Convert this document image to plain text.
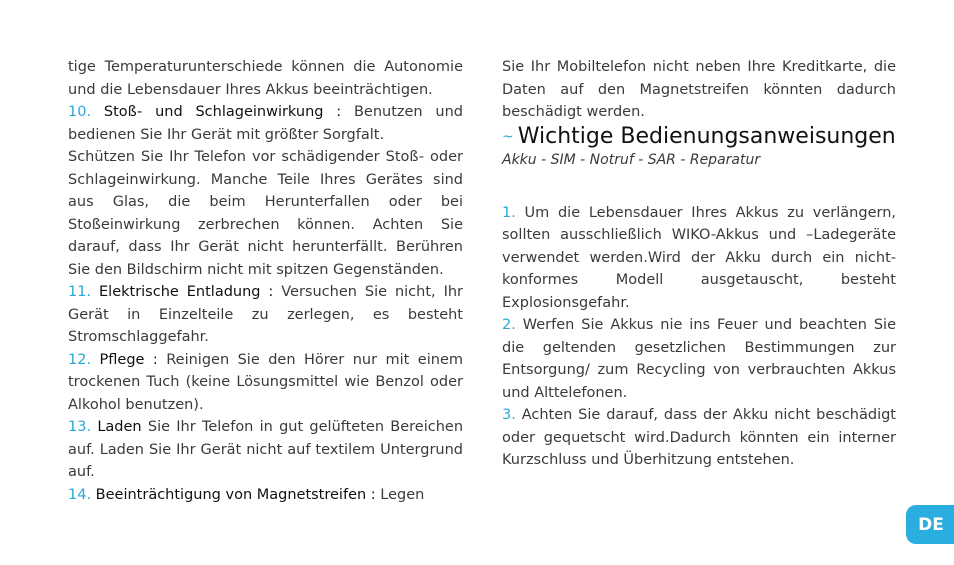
tige Temperaturunterschiede können die Autonomie und die Lebensdauer Ihres Akkus beeinträchtigen.

10. Stoß- und Schlageinwirkung : Benutzen und bedienen Sie Ihr Gerät mit größter Sorgfalt.

Schützen Sie Ihr Telefon vor schädigender Stoß- oder Schlageinwirkung. Manche Teile Ihres Gerätes sind aus Glas, die beim Herunterfallen oder bei Stoßeinwirkung zerbrechen können. Achten Sie darauf, dass Ihr Gerät nicht herunterfällt. Berühren Sie den Bildschirm nicht mit spitzen Gegenständen.

11. Elektrische Entladung : Versuchen Sie nicht, Ihr Gerät in Einzelteile zu zerlegen, es besteht Stromschlaggefahr.

12. Pflege : Reinigen Sie den Hörer nur mit einem trockenen Tuch (keine Lösungsmittel wie Benzol oder Alkohol benutzen).

13. Laden Sie Ihr Telefon in gut gelüfteten Bereichen auf. Laden Sie Ihr Gerät nicht auf textilem Untergrund auf.

14. Beeinträchtigung von Magnetstreifen : Legen

Sie Ihr Mobiltelefon nicht neben Ihre Kreditkarte, die Daten auf den Magnetstreifen könnten dadurch beschädigt werden.

~ Wichtige Bedienungsanweisungen

Akku - SIM - Notruf - SAR - Reparatur

1. Um die Lebensdauer Ihres Akkus zu verlängern, sollten ausschließlich WIKO-Akkus und –Ladegeräte verwendet werden.Wird der Akku durch ein nicht-konformes Modell ausgetauscht, besteht Explosionsgefahr.

2. Werfen Sie Akkus nie ins Feuer und beachten Sie die geltenden gesetzlichen Bestimmungen zur Entsorgung/ zum Recycling von verbrauchten Akkus und Alttelefonen.

3. Achten Sie darauf, dass der Akku nicht beschädigt oder gequetscht wird.Dadurch könnten ein interner Kurzschluss und Überhitzung entstehen.

DE
